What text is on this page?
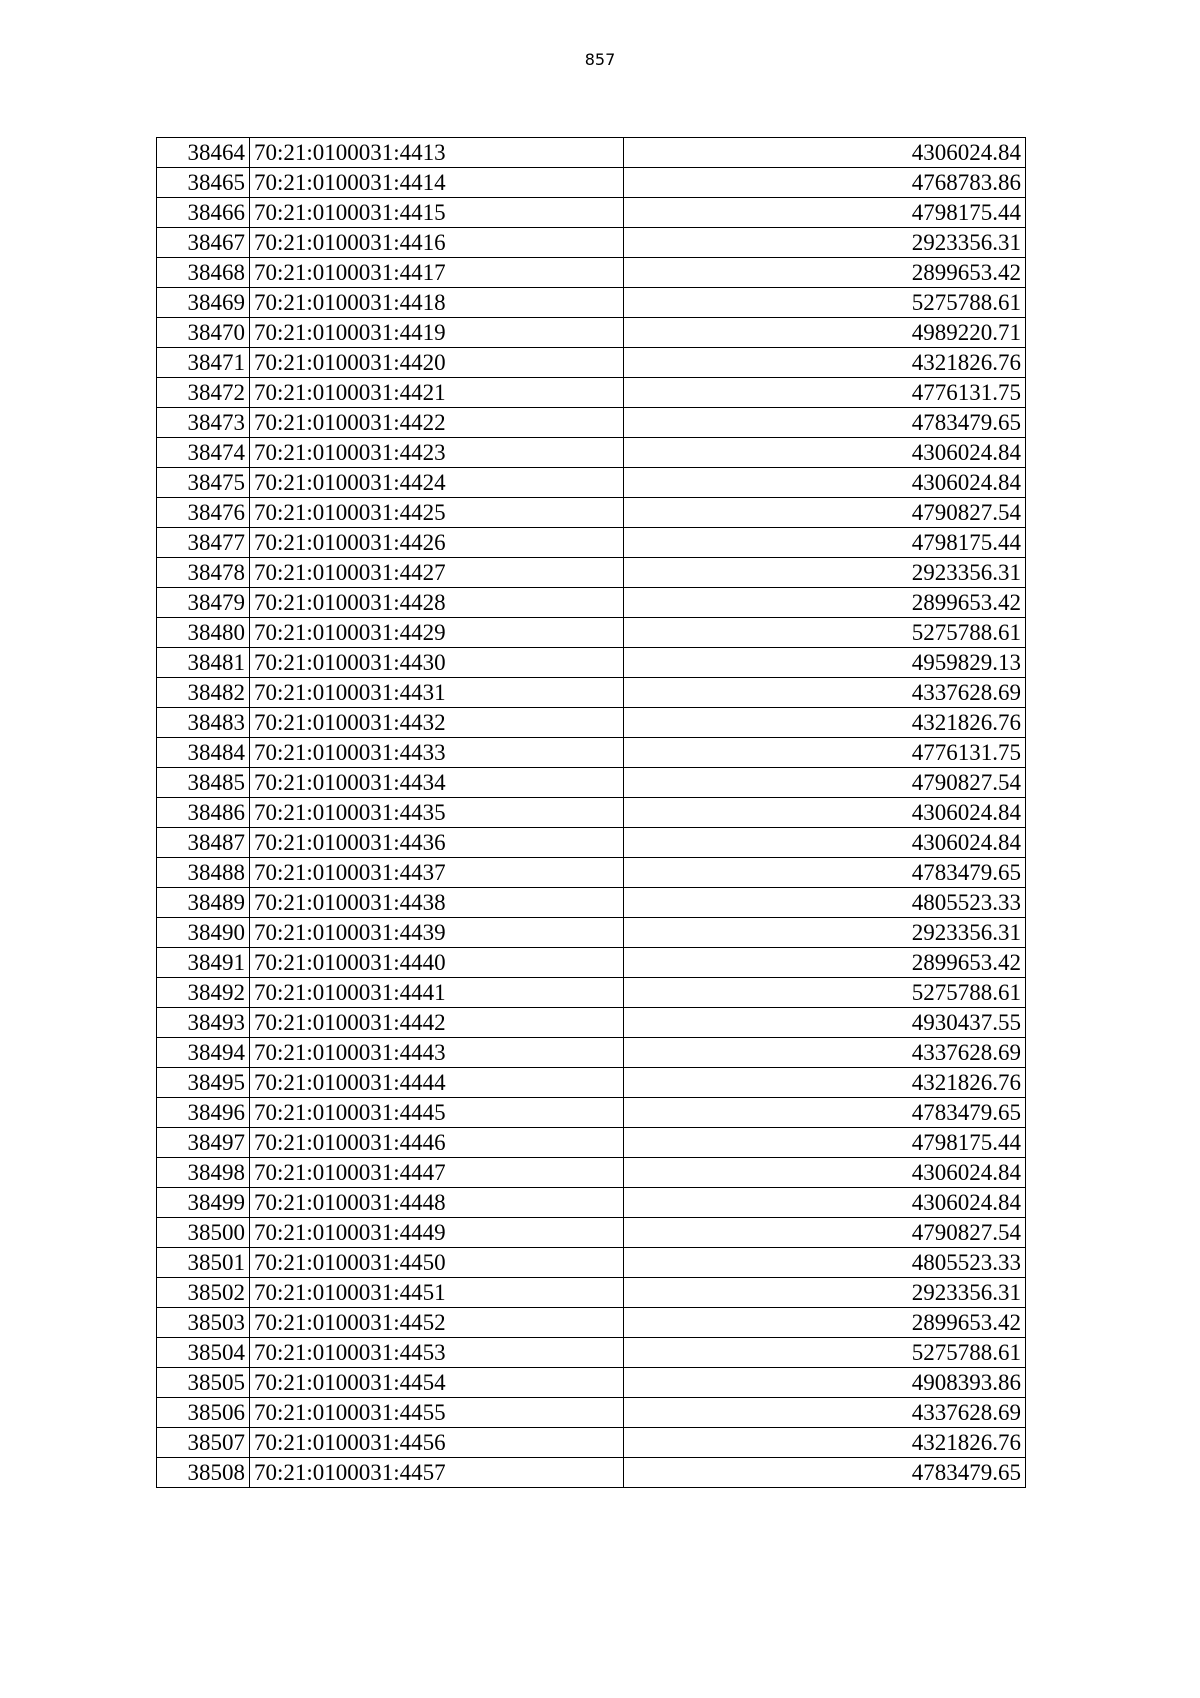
857
38464	70:21:0100031:4413	4306024.84
38465	70:21:0100031:4414	4768783.86
38466	70:21:0100031:4415	4798175.44
38467	70:21:0100031:4416	2923356.31
38468	70:21:0100031:4417	2899653.42
38469	70:21:0100031:4418	5275788.61
38470	70:21:0100031:4419	4989220.71
38471	70:21:0100031:4420	4321826.76
38472	70:21:0100031:4421	4776131.75
38473	70:21:0100031:4422	4783479.65
38474	70:21:0100031:4423	4306024.84
38475	70:21:0100031:4424	4306024.84
38476	70:21:0100031:4425	4790827.54
38477	70:21:0100031:4426	4798175.44
38478	70:21:0100031:4427	2923356.31
38479	70:21:0100031:4428	2899653.42
38480	70:21:0100031:4429	5275788.61
38481	70:21:0100031:4430	4959829.13
38482	70:21:0100031:4431	4337628.69
38483	70:21:0100031:4432	4321826.76
38484	70:21:0100031:4433	4776131.75
38485	70:21:0100031:4434	4790827.54
38486	70:21:0100031:4435	4306024.84
38487	70:21:0100031:4436	4306024.84
38488	70:21:0100031:4437	4783479.65
38489	70:21:0100031:4438	4805523.33
38490	70:21:0100031:4439	2923356.31
38491	70:21:0100031:4440	2899653.42
38492	70:21:0100031:4441	5275788.61
38493	70:21:0100031:4442	4930437.55
38494	70:21:0100031:4443	4337628.69
38495	70:21:0100031:4444	4321826.76
38496	70:21:0100031:4445	4783479.65
38497	70:21:0100031:4446	4798175.44
38498	70:21:0100031:4447	4306024.84
38499	70:21:0100031:4448	4306024.84
38500	70:21:0100031:4449	4790827.54
38501	70:21:0100031:4450	4805523.33
38502	70:21:0100031:4451	2923356.31
38503	70:21:0100031:4452	2899653.42
38504	70:21:0100031:4453	5275788.61
38505	70:21:0100031:4454	4908393.86
38506	70:21:0100031:4455	4337628.69
38507	70:21:0100031:4456	4321826.76
38508	70:21:0100031:4457	4783479.65
